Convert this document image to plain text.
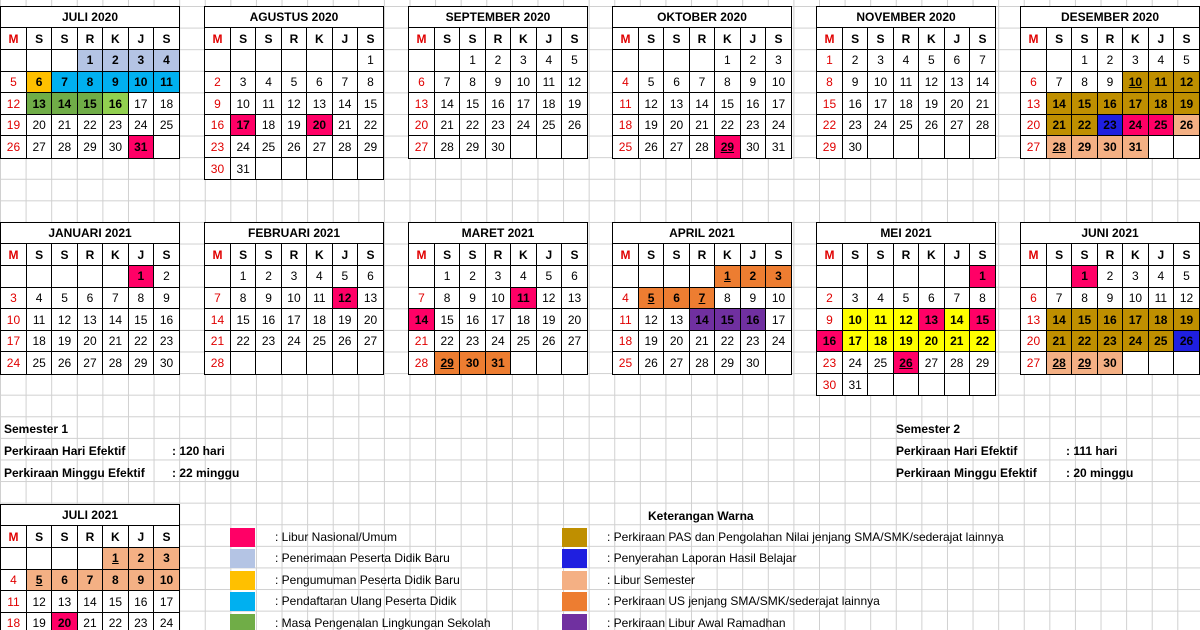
JULI 2020
M	S	S	R	K	J	S
			1	2	3	4
5	6	7	8	9	10	11
12	13	14	15	16	17	18
19	20	21	22	23	24	25
26	27	28	29	30	31	
AGUSTUS 2020
M	S	S	R	K	J	S
						1
2	3	4	5	6	7	8
9	10	11	12	13	14	15
16	17	18	19	20	21	22
23	24	25	26	27	28	29
30	31					
SEPTEMBER 2020
M	S	S	R	K	J	S
		1	2	3	4	5
6	7	8	9	10	11	12
13	14	15	16	17	18	19
20	21	22	23	24	25	26
27	28	29	30			
OKTOBER 2020
M	S	S	R	K	J	S
				1	2	3
4	5	6	7	8	9	10
11	12	13	14	15	16	17
18	19	20	21	22	23	24
25	26	27	28	29	30	31
NOVEMBER 2020
M	S	S	R	K	J	S
1	2	3	4	5	6	7
8	9	10	11	12	13	14
15	16	17	18	19	20	21
22	23	24	25	26	27	28
29	30					
DESEMBER 2020
M	S	S	R	K	J	S
		1	2	3	4	5
6	7	8	9	10	11	12
13	14	15	16	17	18	19
20	21	22	23	24	25	26
27	28	29	30	31		
JANUARI 2021
M	S	S	R	K	J	S
					1	2
3	4	5	6	7	8	9
10	11	12	13	14	15	16
17	18	19	20	21	22	23
24	25	26	27	28	29	30
FEBRUARI 2021
M	S	S	R	K	J	S
	1	2	3	4	5	6
7	8	9	10	11	12	13
14	15	16	17	18	19	20
21	22	23	24	25	26	27
28						
MARET 2021
M	S	S	R	K	J	S
	1	2	3	4	5	6
7	8	9	10	11	12	13
14	15	16	17	18	19	20
21	22	23	24	25	26	27
28	29	30	31			
APRIL 2021
M	S	S	R	K	J	S
				1	2	3
4	5	6	7	8	9	10
11	12	13	14	15	16	17
18	19	20	21	22	23	24
25	26	27	28	29	30	
MEI 2021
M	S	S	R	K	J	S
						1
2	3	4	5	6	7	8
9	10	11	12	13	14	15
16	17	18	19	20	21	22
23	24	25	26	27	28	29
30	31					
JUNI 2021
M	S	S	R	K	J	S
		1	2	3	4	5
6	7	8	9	10	11	12
13	14	15	16	17	18	19
20	21	22	23	24	25	26
27	28	29	30			
JULI 2021
M	S	S	R	K	J	S
				1	2	3
4	5	6	7	8	9	10
11	12	13	14	15	16	17
18	19	20	21	22	23	24
Semester 1
Perkiraan Hari Efektif	: 120 hari
Perkiraan Minggu Efektif : 22 minggu
Semester 2
Perkiraan Hari Efektif	: 111 hari
Perkiraan Minggu Efektif : 20 minggu
Keterangan Warna
: Libur Nasional/Umum
: Penerimaan Peserta Didik Baru
: Pengumuman Peserta Didik Baru
: Pendaftaran Ulang Peserta Didik
: Masa Pengenalan Lingkungan Sekolah
: Perkiraan PAS dan Pengolahan Nilai jenjang SMA/SMK/sederajat lainnya
: Penyerahan Laporan Hasil Belajar
: Libur Semester
: Perkiraan US jenjang SMA/SMK/sederajat lainnya
: Perkiraan Libur Awal Ramadhan
